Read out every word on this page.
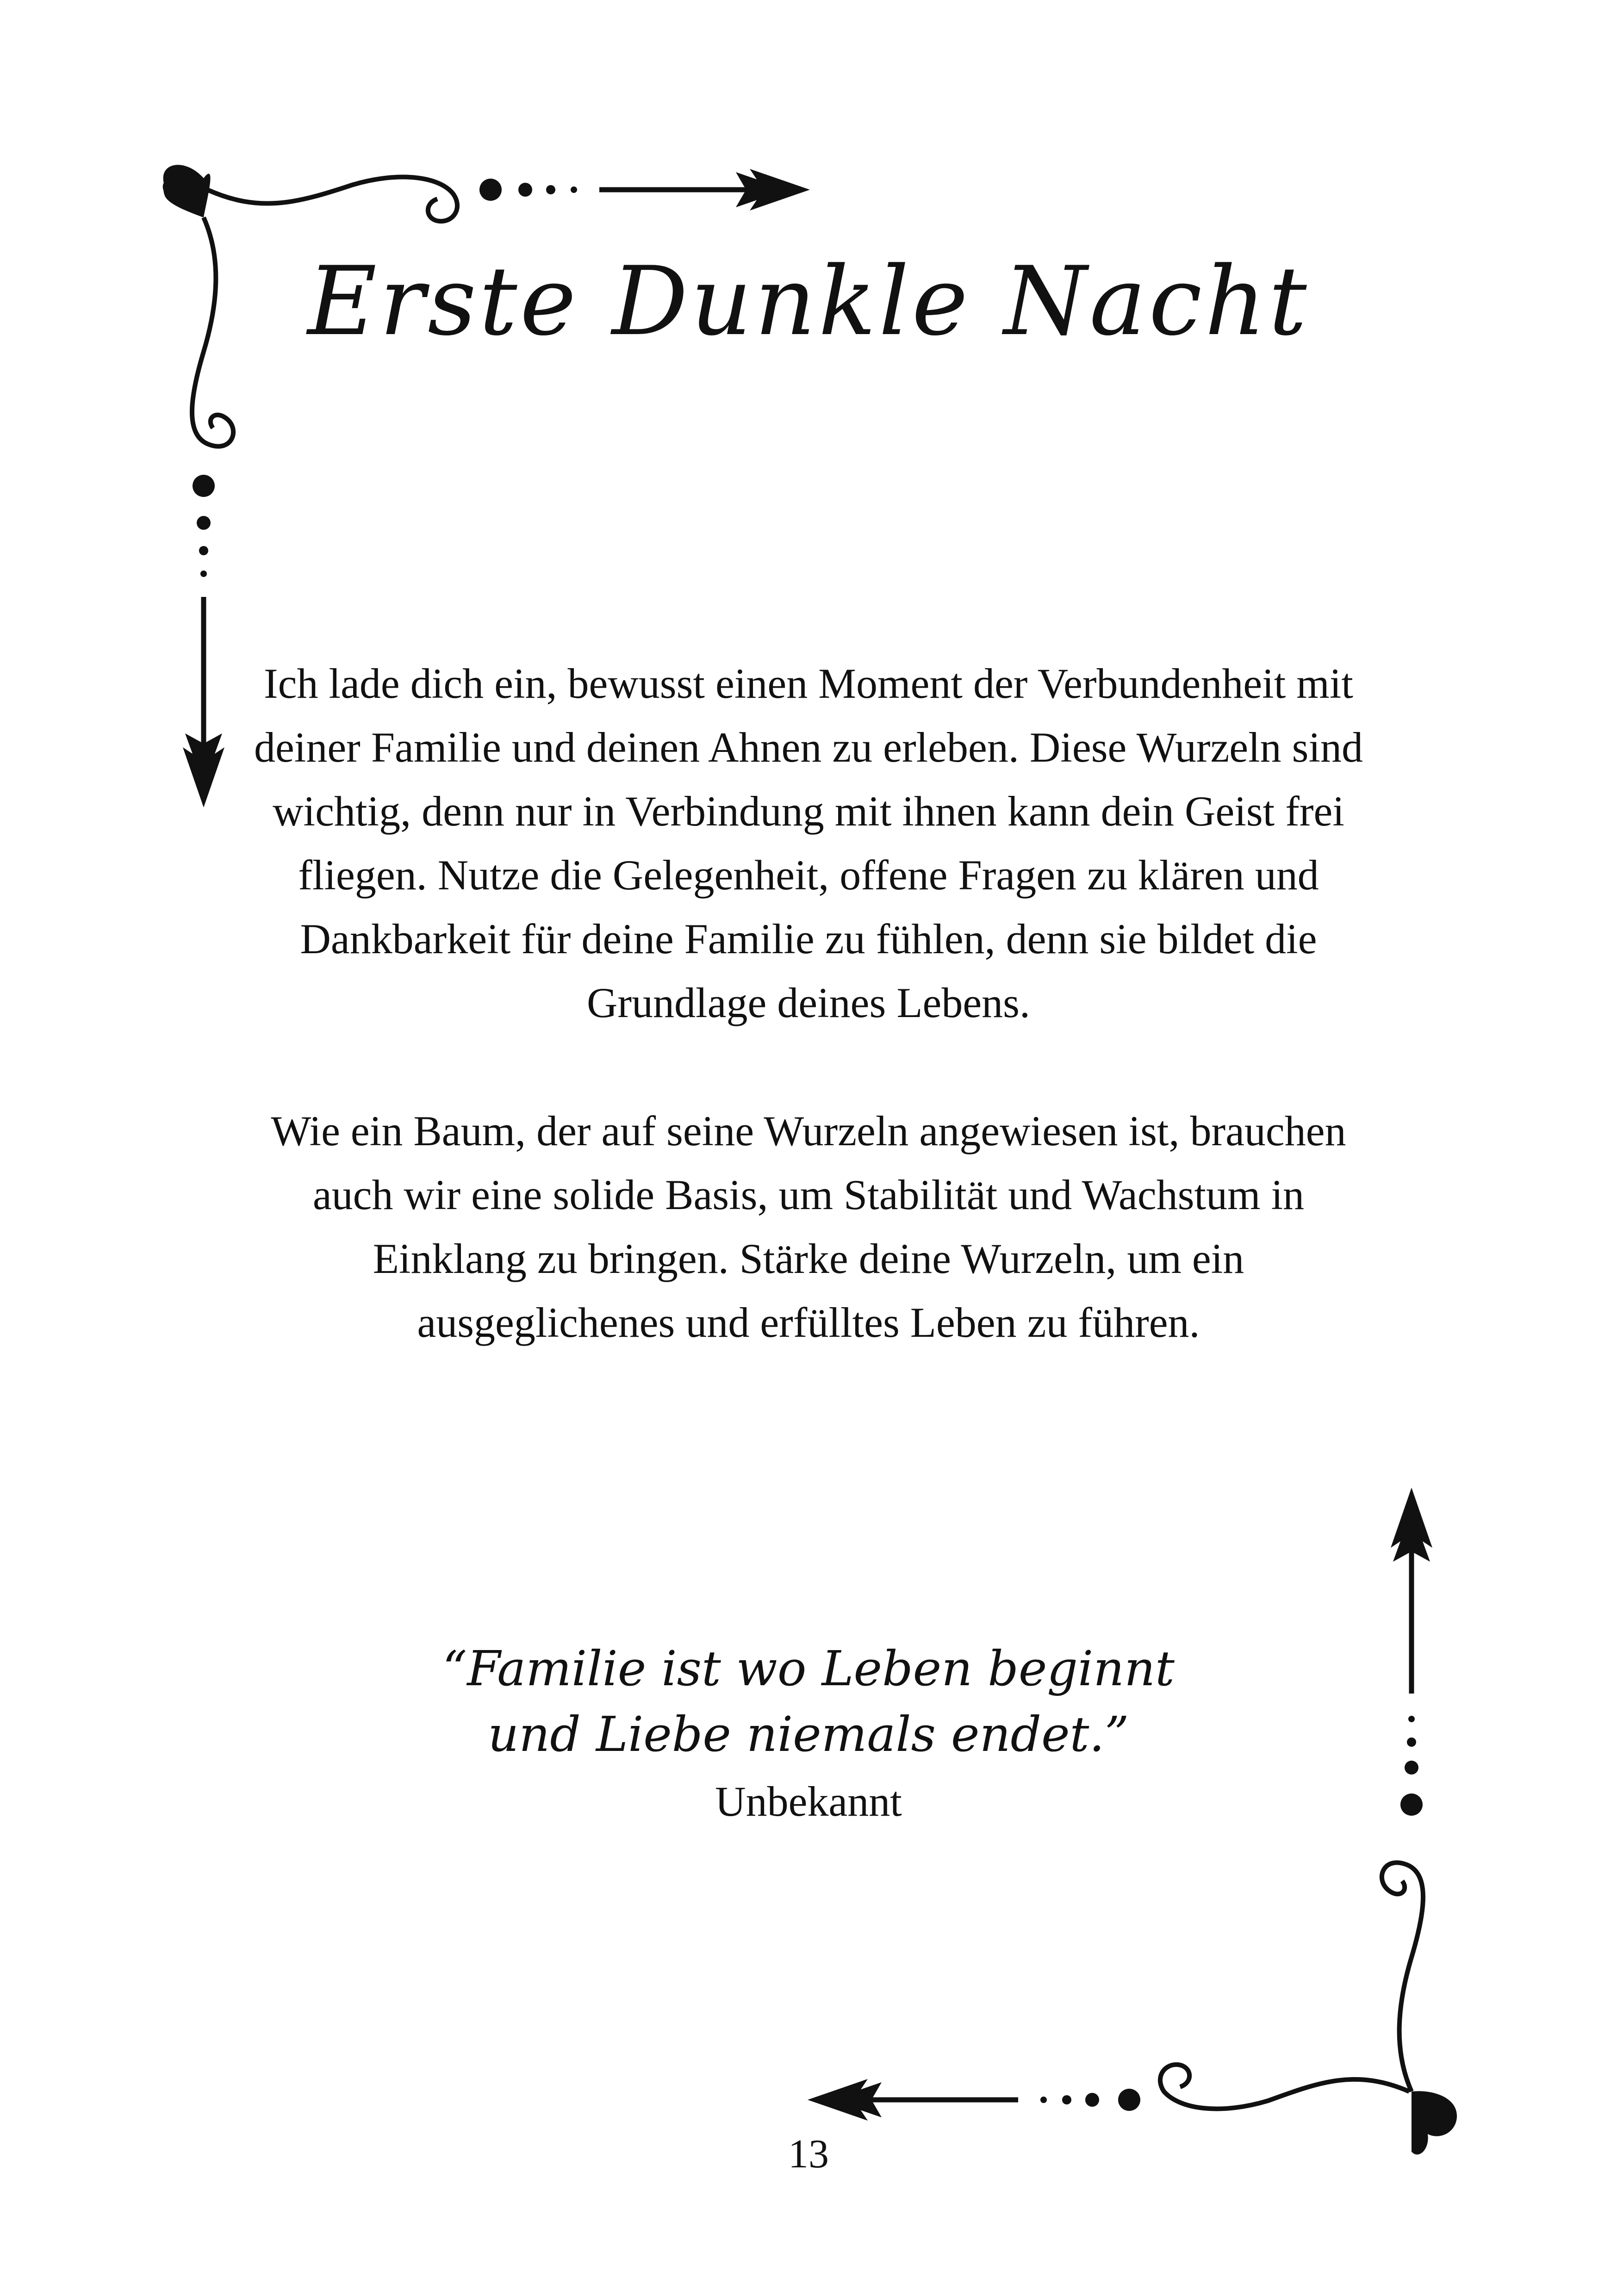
Erste Dunkle Nacht

Ich lade dich ein, bewusst einen Moment der Verbundenheit mit deiner Familie und deinen Ahnen zu erleben. Diese Wurzeln sind wichtig, denn nur in Verbindung mit ihnen kann dein Geist frei fliegen. Nutze die Gelegenheit, offene Fragen zu klären und Dankbarkeit für deine Familie zu fühlen, denn sie bildet die Grundlage deines Lebens.

Wie ein Baum, der auf seine Wurzeln angewiesen ist, brauchen auch wir eine solide Basis, um Stabilität und Wachstum in Einklang zu bringen. Stärke deine Wurzeln, um ein ausgeglichenes und erfülltes Leben zu führen.

“Familie ist wo Leben beginnt
und Liebe niemals endet.”
Unbekannt
13
